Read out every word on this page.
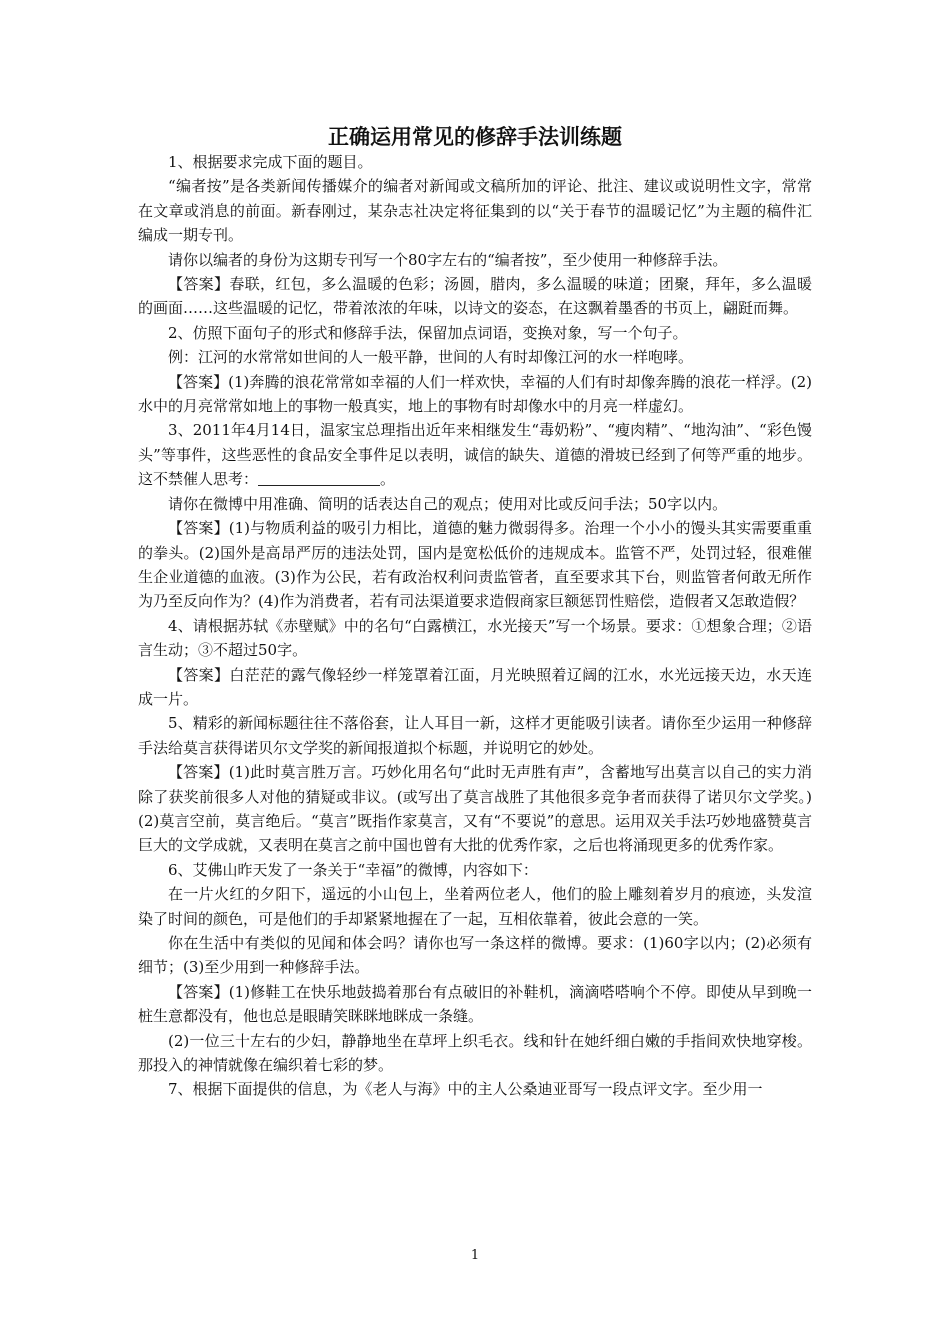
正确运用常见的修辞手法训练题

1、根据要求完成下面的题目。

“编者按”是各类新闻传播媒介的编者对新闻或文稿所加的评论、批注、建议或说明性文字，常常在文章或消息的前面。新春刚过，某杂志社决定将征集到的以“关于春节的温暖记忆”为主题的稿件汇编成一期专刊。

请你以编者的身份为这期专刊写一个80字左右的“编者按”，至少使用一种修辞手法。

【答案】春联，红包，多么温暖的色彩；汤圆，腊肉，多么温暖的味道；团聚，拜年，多么温暖的画面……这些温暖的记忆，带着浓浓的年味，以诗文的姿态，在这飘着墨香的书页上，翩跹而舞。

2、仿照下面句子的形式和修辞手法，保留加点词语，变换对象，写一个句子。

例：江河的水常常如世间的人一般平静，世间的人有时却像江河的水一样咆哮。

【答案】(1)奔腾的浪花常常如幸福的人们一样欢快，幸福的人们有时却像奔腾的浪花一样浮。(2)水中的月亮常常如地上的事物一般真实，地上的事物有时却像水中的月亮一样虚幻。

3、2011年4月14日，温家宝总理指出近年来相继发生“毒奶粉”、“瘦肉精”、“地沟油”、“彩色馒头”等事件，这些恶性的食品安全事件足以表明，诚信的缺失、道德的滑坡已经到了何等严重的地步。这不禁催人思考：	。

请你在微博中用准确、简明的话表达自己的观点；使用对比或反问手法；50字以内。

【答案】(1)与物质利益的吸引力相比，道德的魅力微弱得多。治理一个小小的馒头其实需要重重的拳头。(2)国外是高昂严厉的违法处罚，国内是宽松低价的违规成本。监管不严，处罚过轻，很难催生企业道德的血液。(3)作为公民，若有政治权利问责监管者，直至要求其下台，则监管者何敢无所作为乃至反向作为？(4)作为消费者，若有司法渠道要求造假商家巨额惩罚性赔偿，造假者又怎敢造假？

4、请根据苏轼《赤壁赋》中的名句“白露横江，水光接天”写一个场景。要求：①想象合理；②语言生动；③不超过50字。

【答案】白茫茫的露气像轻纱一样笼罩着江面，月光映照着辽阔的江水，水光远接天边，水天连成一片。

5、精彩的新闻标题往往不落俗套，让人耳目一新，这样才更能吸引读者。请你至少运用一种修辞手法给莫言获得诺贝尔文学奖的新闻报道拟个标题，并说明它的妙处。

【答案】(1)此时莫言胜万言。巧妙化用名句“此时无声胜有声”，含蓄地写出莫言以自己的实力消除了获奖前很多人对他的猜疑或非议。(或写出了莫言战胜了其他很多竞争者而获得了诺贝尔文学奖。)(2)莫言空前，莫言绝后。“莫言”既指作家莫言，又有“不要说”的意思。运用双关手法巧妙地盛赞莫言巨大的文学成就，又表明在莫言之前中国也曾有大批的优秀作家，之后也将涌现更多的优秀作家。

6、艾佛山昨天发了一条关于“幸福”的微博，内容如下：

在一片火红的夕阳下，遥远的小山包上，坐着两位老人，他们的脸上雕刻着岁月的痕迹，头发渲染了时间的颜色，可是他们的手却紧紧地握在了一起，互相依靠着，彼此会意的一笑。

你在生活中有类似的见闻和体会吗？请你也写一条这样的微博。要求：(1)60字以内；(2)必须有细节；(3)至少用到一种修辞手法。

【答案】(1)修鞋工在快乐地鼓捣着那台有点破旧的补鞋机，滴滴嗒嗒响个不停。即使从早到晚一桩生意都没有，他也总是眼睛笑眯眯地眯成一条缝。

(2)一位三十左右的少妇，静静地坐在草坪上织毛衣。线和针在她纤细白嫩的手指间欢快地穿梭。那投入的神情就像在编织着七彩的梦。

7、根据下面提供的信息，为《老人与海》中的主人公桑迪亚哥写一段点评文字。至少用一

1
